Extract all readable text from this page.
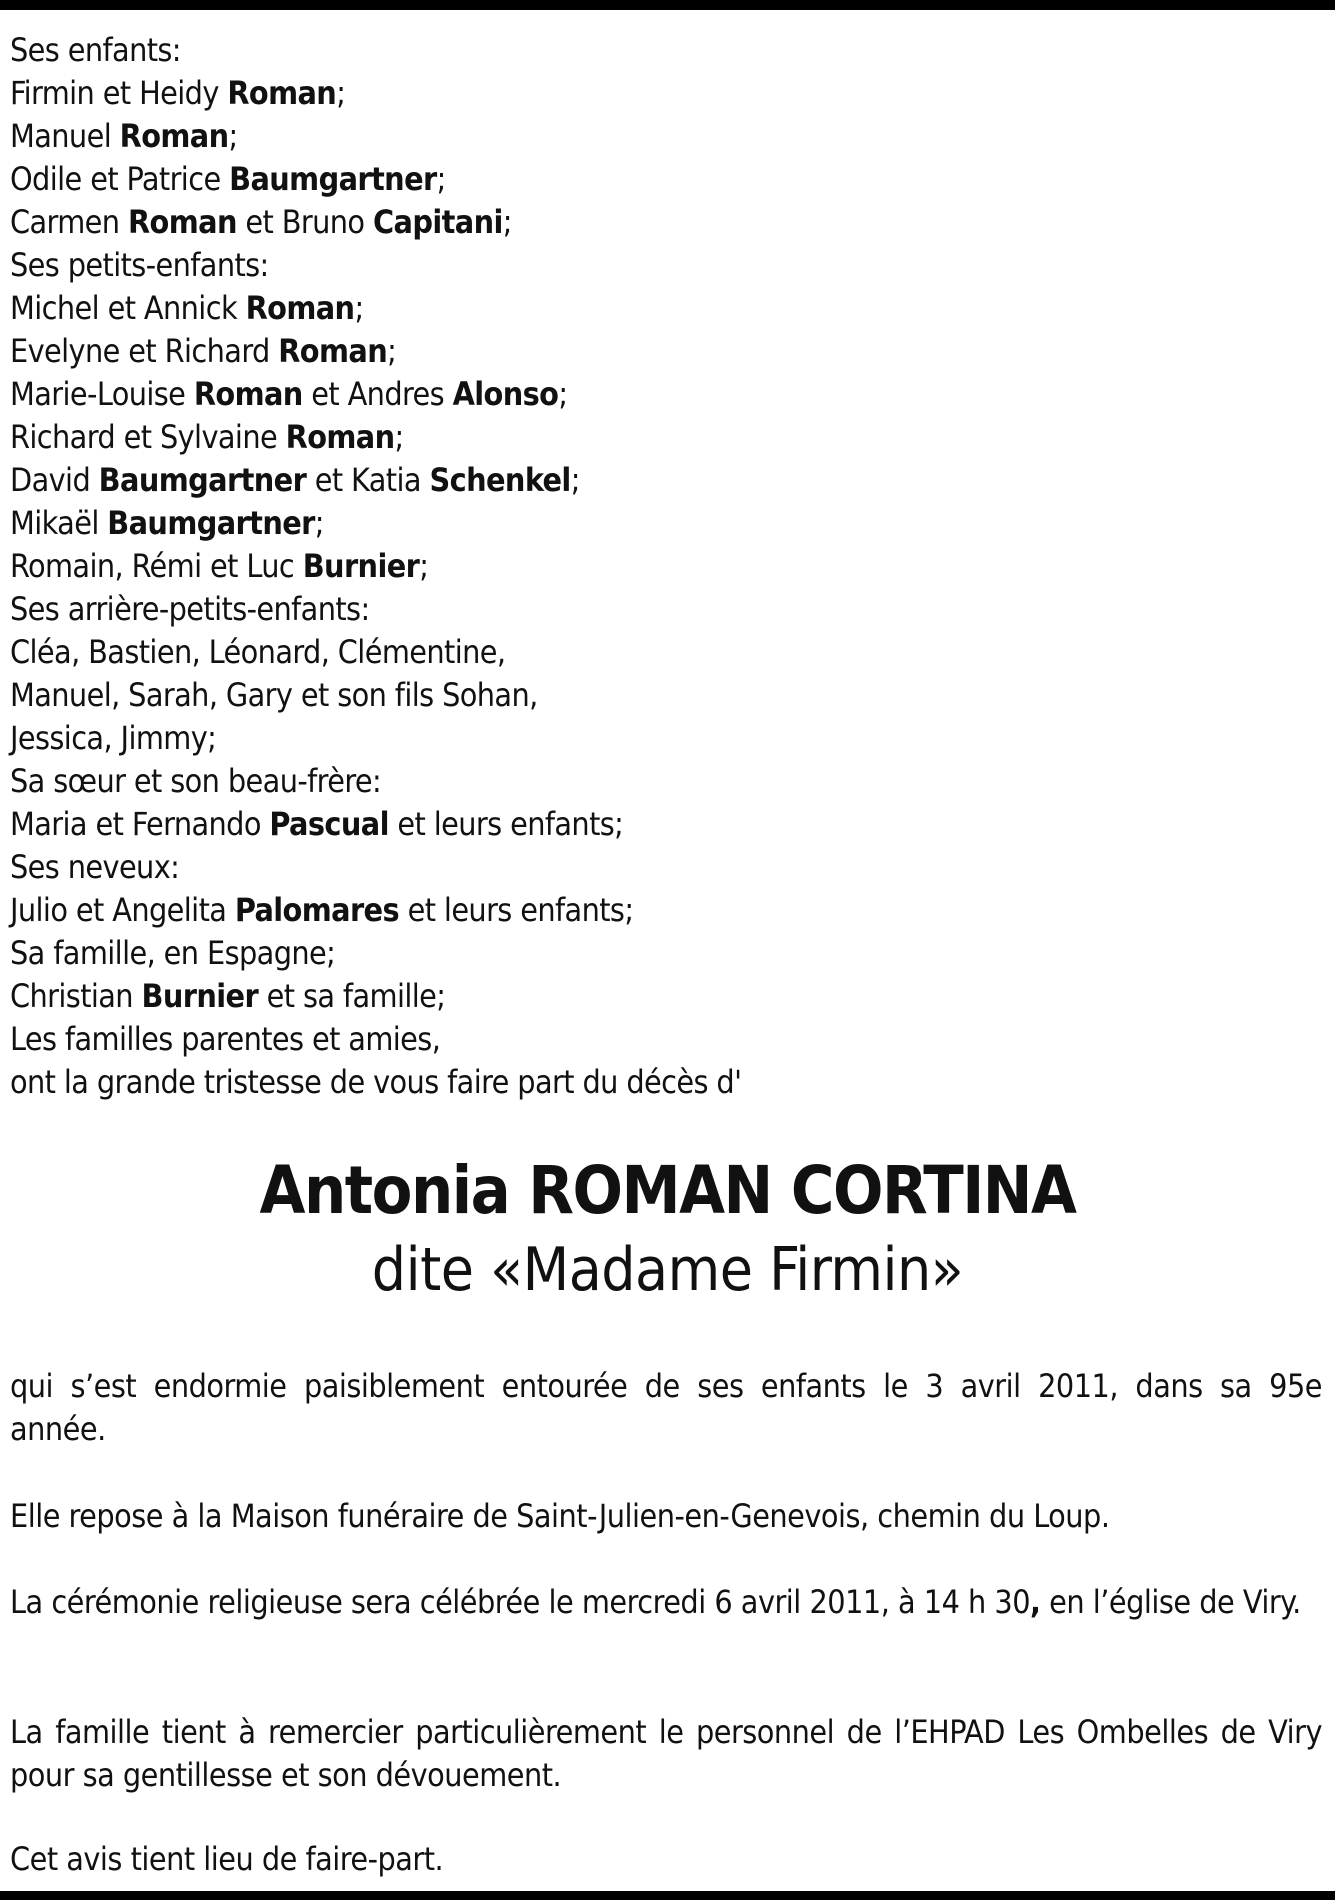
Ses enfants:
Firmin et Heidy Roman;
Manuel Roman;
Odile et Patrice Baumgartner;
Carmen Roman et Bruno Capitani;
Ses petits-enfants:
Michel et Annick Roman;
Evelyne et Richard Roman;
Marie-Louise Roman et Andres Alonso;
Richard et Sylvaine Roman;
David Baumgartner et Katia Schenkel;
Mikaël Baumgartner;
Romain, Rémi et Luc Burnier;
Ses arrière-petits-enfants:
Cléa, Bastien, Léonard, Clémentine,
Manuel, Sarah, Gary et son fils Sohan,
Jessica, Jimmy;
Sa sœur et son beau-frère:
Maria et Fernando Pascual et leurs enfants;
Ses neveux:
Julio et Angelita Palomares et leurs enfants;
Sa famille, en Espagne;
Christian Burnier et sa famille;
Les familles parentes et amies,
ont la grande tristesse de vous faire part du décès d'
Antonia ROMAN CORTINA
dite «Madame Firmin»

qui s’est endormie paisiblement entourée de ses enfants le 3 avril 2011, dans sa 95e année.

Elle repose à la Maison funéraire de Saint-Julien-en-Genevois, chemin du Loup.

La cérémonie religieuse sera célébrée le mercredi 6 avril 2011, à 14 h 30, en l’église de Viry.

La famille tient à remercier particulièrement le personnel de l’EHPAD Les Ombelles de Viry pour sa gentillesse et son dévouement.

Cet avis tient lieu de faire-part.
